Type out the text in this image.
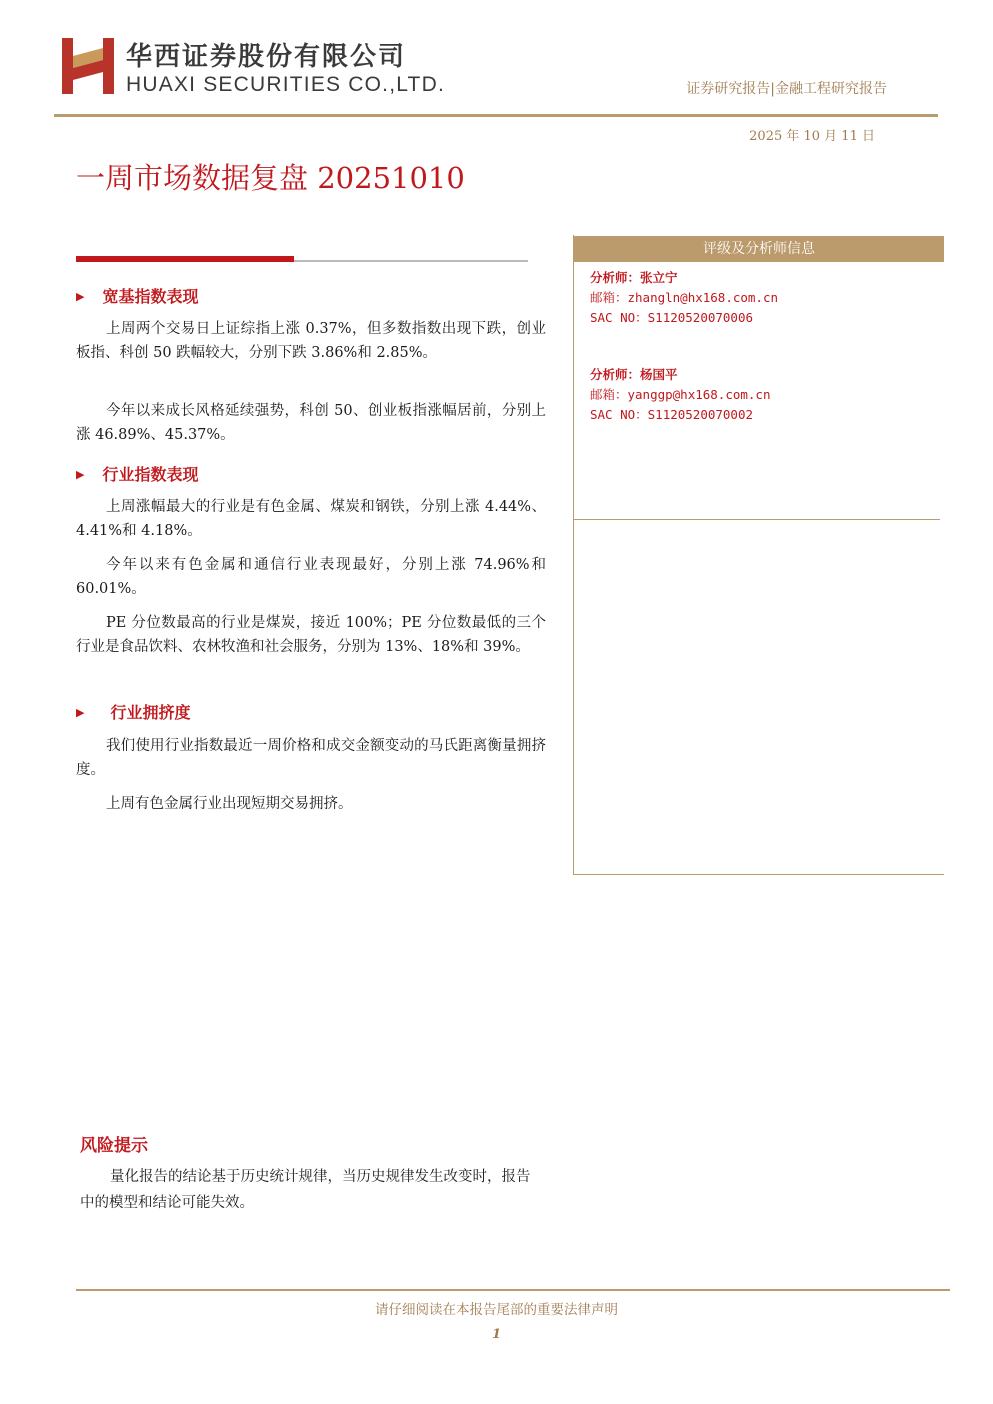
华西证券股份有限公司
HUAXI SECURITIES CO.,LTD.	证券研究报告|金融工程研究报告
2025 年 10 月 11 日
一周市场数据复盘 20251010
▶ 宽基指数表现

上周两个交易日上证综指上涨 0.37%，但多数指数出现下跌，创业板指、科创 50 跌幅较大，分别下跌 3.86%和 2.85%。

今年以来成长风格延续强势，科创 50、创业板指涨幅居前，分别上涨 46.89%、45.37%。

▶ 行业指数表现

上周涨幅最大的行业是有色金属、煤炭和钢铁，分别上涨 4.44%、4.41%和 4.18%。

今年以来有色金属和通信行业表现最好，分别上涨 74.96%和 60.01%。

PE 分位数最高的行业是煤炭，接近 100%；PE 分位数最低的三个行业是食品饮料、农林牧渔和社会服务，分别为 13%、18%和 39%。

▶ 行业拥挤度

我们使用行业指数最近一周价格和成交金额变动的马氏距离衡量拥挤度。

上周有色金属行业出现短期交易拥挤。

评级及分析师信息
分析师：张立宁
邮箱：zhangln@hx168.com.cn
SAC NO：S1120520070006
分析师：杨国平
邮箱：yanggp@hx168.com.cn
SAC NO：S1120520070002
风险提示

量化报告的结论基于历史统计规律，当历史规律发生改变时，报告中的模型和结论可能失效。

请仔细阅读在本报告尾部的重要法律声明
1
